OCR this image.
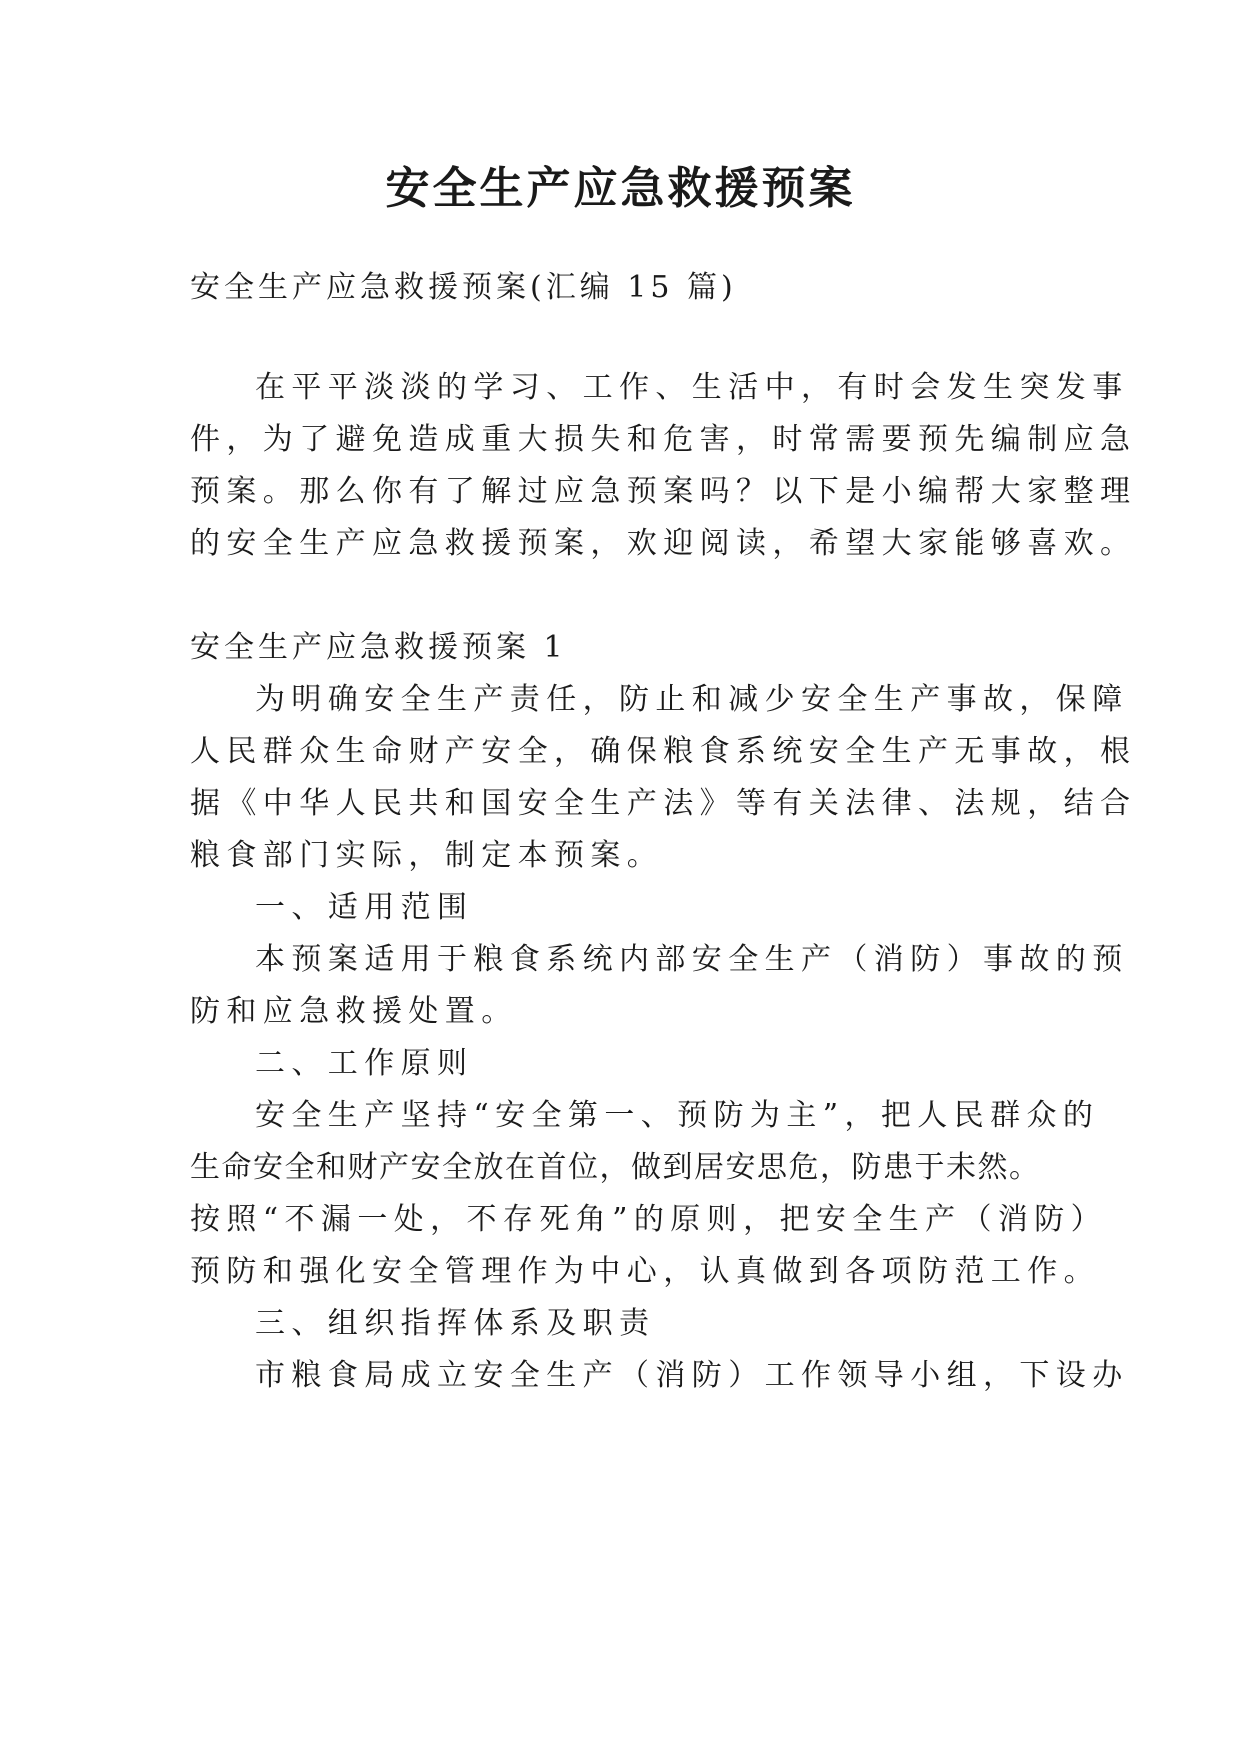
安全生产应急救援预案
安全生产应急救援预案(汇编 15 篇)
在平平淡淡的学习、工作、生活中，有时会发生突发事
件，为了避免造成重大损失和危害，时常需要预先编制应急
预案。那么你有了解过应急预案吗？以下是小编帮大家整理
的安全生产应急救援预案，欢迎阅读，希望大家能够喜欢。
安全生产应急救援预案 1
为明确安全生产责任，防止和减少安全生产事故，保障
人民群众生命财产安全，确保粮食系统安全生产无事故，根
据《中华人民共和国安全生产法》等有关法律、法规，结合
粮食部门实际，制定本预案。
一、适用范围
本预案适用于粮食系统内部安全生产（消防）事故的预
防和应急救援处置。
二、工作原则
安全生产坚持“安全第一、预防为主”，把人民群众的
生命安全和财产安全放在首位，做到居安思危，防患于未然。
按照“不漏一处，不存死角”的原则，把安全生产（消防）
预防和强化安全管理作为中心，认真做到各项防范工作。
三、组织指挥体系及职责
市粮食局成立安全生产（消防）工作领导小组，下设办
